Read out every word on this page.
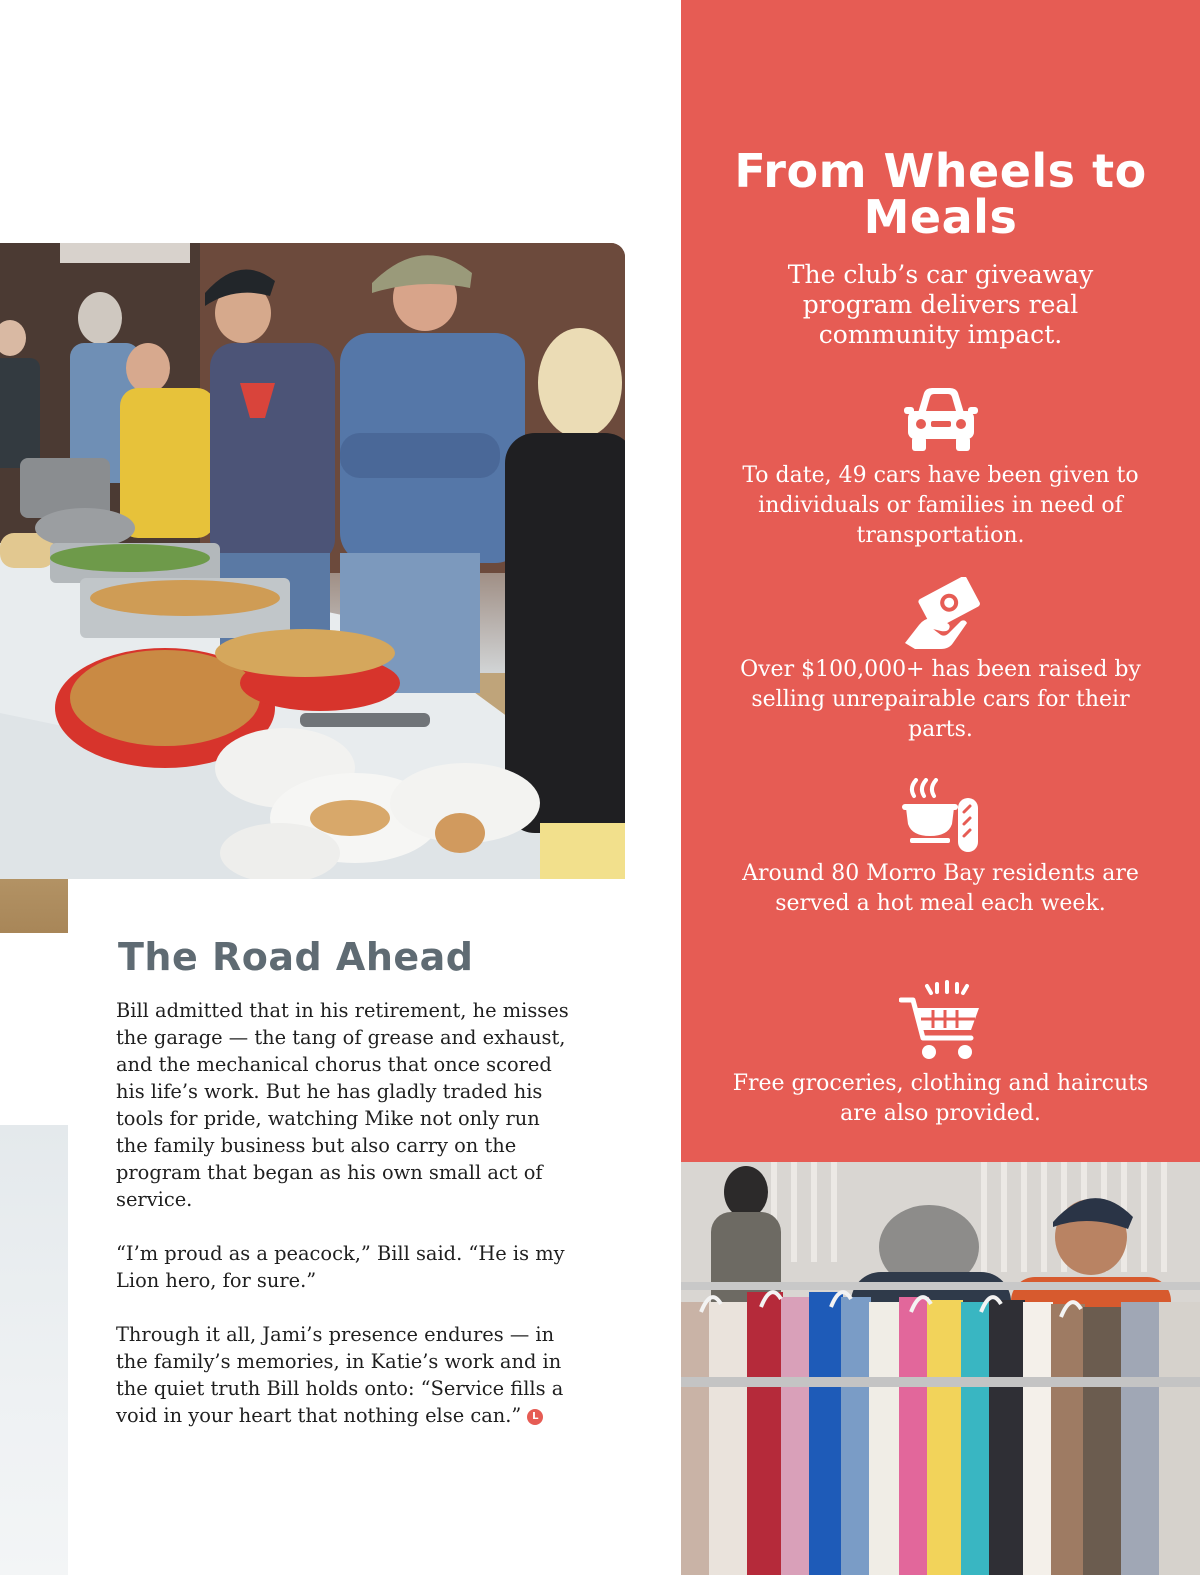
From Wheels to Meals
The club’s car giveaway program delivers real community impact.
To date, 49 cars have been given to individuals or families in need of transportation.
Over $100,000+ has been raised by selling unrepairable cars for their parts.
Around 80 Morro Bay residents are served a hot meal each week.
Free groceries, clothing and haircuts are also provided.
The Road Ahead

Bill admitted that in his retirement, he misses the garage — the tang of grease and exhaust, and the mechanical chorus that once scored his life’s work. But he has gladly traded his tools for pride, watching Mike not only run the family business but also carry on the program that began as his own small act of service.

“I’m proud as a peacock,” Bill said. “He is my Lion hero, for sure.”

Through it all, Jami’s presence endures — in the family’s memories, in Katie’s work and in the quiet truth Bill holds onto: “Service fills a void in your heart that nothing else can.” L
